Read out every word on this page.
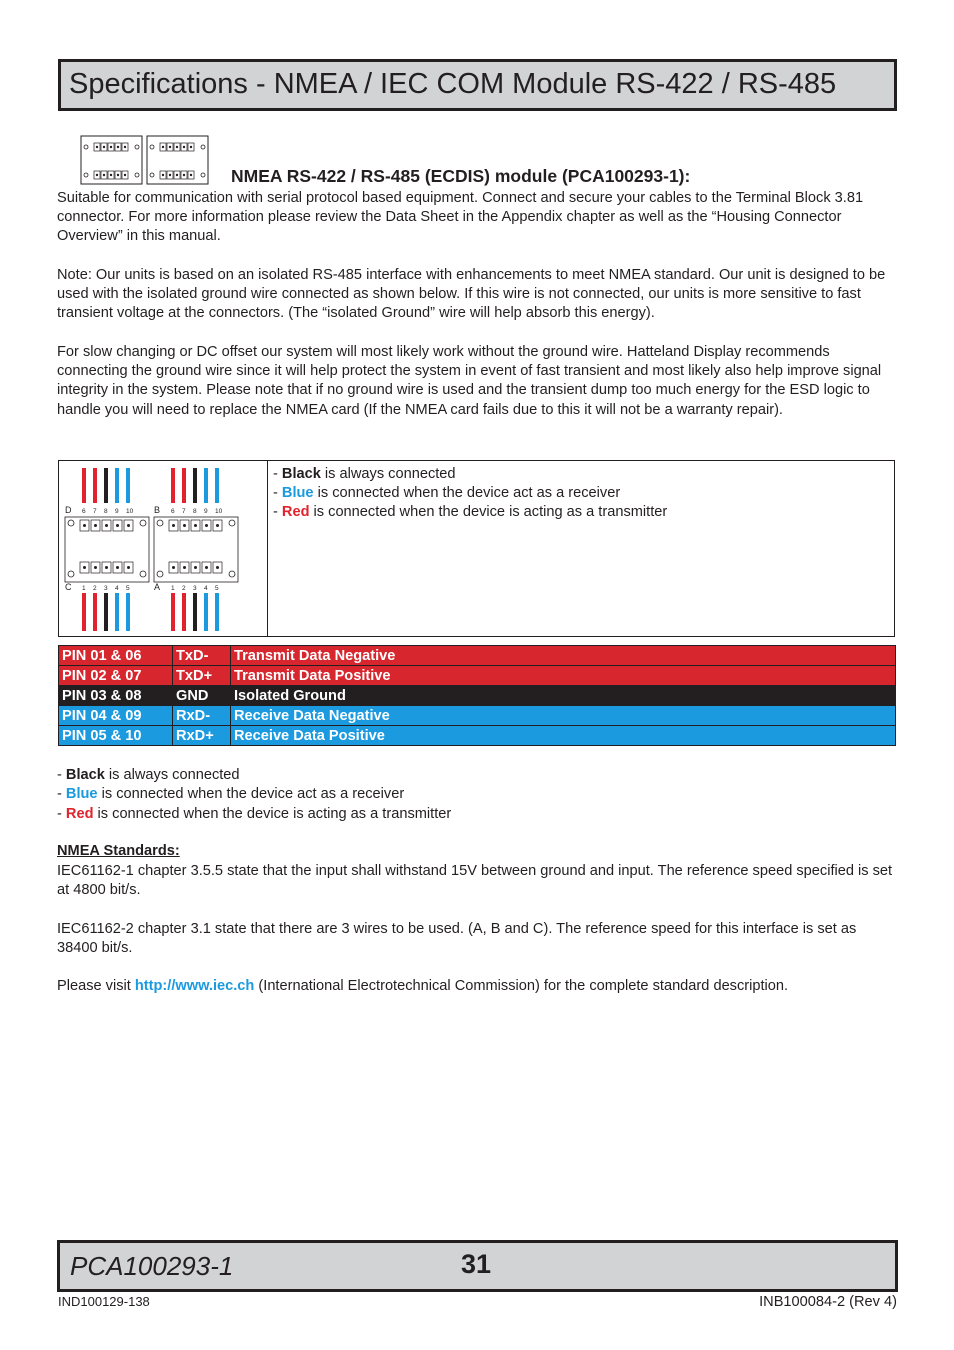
Specifications - NMEA / IEC COM Module RS-422 / RS-485
NMEA RS-422 / RS-485 (ECDIS) module (PCA100293-1):

Suitable for communication with serial protocol based equipment. Connect and secure your cables to the Terminal Block 3.81 connector. For more information please review the Data Sheet in the Appendix chapter as well as the “Housing Connector Overview” in this manual.

Note: Our units is based on an isolated RS-485 interface with enhancements to meet NMEA standard. Our unit is designed to be used with the isolated ground wire connected as shown below. If this wire is not connected, our units is more sensitive to fast transient voltage at the connectors. (The “isolated Ground” wire will help absorb this energy).

For slow changing or DC offset our system will most likely work without the ground wire. Hatteland Display recommends connecting the ground wire since it will help protect the system in event of fast transient and most likely also help improve signal integrity in the system. Please note that if no ground wire is used and the transient dump too much energy for the ESD logic to handle you will need to replace the NMEA card (If the NMEA card fails due to this it will not be a warranty repair).

D
C
6 7 8 9 10
1 2 3 4 5
B
A
6 7 8 9 10
1 2 3 4 5
- Black is always connected
- Blue is connected when the device act as a receiver
- Red is connected when the device is acting as a transmitter
PIN 01 & 06	TxD-	Transmit Data Negative
PIN 02 & 07	TxD+	Transmit Data Positive
PIN 03 & 08	GND	Isolated Ground
PIN 04 & 09	RxD-	Receive Data Negative
PIN 05 & 10	RxD+	Receive Data Positive
- Black is always connected
- Blue is connected when the device act as a receiver
- Red is connected when the device is acting as a transmitter
NMEA Standards:

IEC61162-1 chapter 3.5.5 state that the input shall withstand 15V between ground and input. The reference speed specified is set at 4800 bit/s.

IEC61162-2 chapter 3.1 state that there are 3 wires to be used. (A, B and C). The reference speed for this interface is set as 38400 bit/s.

Please visit http://www.iec.ch (International Electrotechnical Commission) for the complete standard description.

PCA100293-1	31
IND100129-138	INB100084-2 (Rev 4)
